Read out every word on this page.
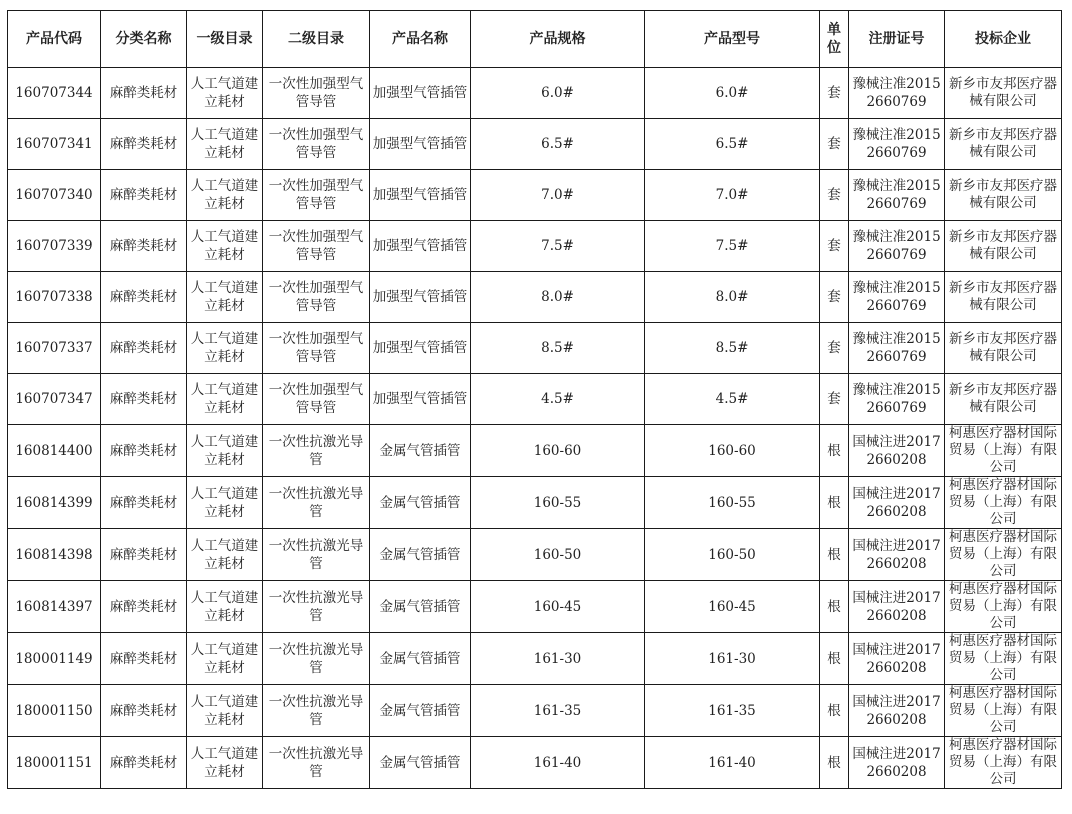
产品代码	分类名称	一级目录	二级目录	产品名称	产品规格	产品型号	单位	注册证号	投标企业
160707344	麻醉类耗材	人工气道建立耗材	一次性加强型气管导管	加强型气管插管	6.0#	6.0#	套	豫械注准20152660769	新乡市友邦医疗器械有限公司
160707341	麻醉类耗材	人工气道建立耗材	一次性加强型气管导管	加强型气管插管	6.5#	6.5#	套	豫械注准20152660769	新乡市友邦医疗器械有限公司
160707340	麻醉类耗材	人工气道建立耗材	一次性加强型气管导管	加强型气管插管	7.0#	7.0#	套	豫械注准20152660769	新乡市友邦医疗器械有限公司
160707339	麻醉类耗材	人工气道建立耗材	一次性加强型气管导管	加强型气管插管	7.5#	7.5#	套	豫械注准20152660769	新乡市友邦医疗器械有限公司
160707338	麻醉类耗材	人工气道建立耗材	一次性加强型气管导管	加强型气管插管	8.0#	8.0#	套	豫械注准20152660769	新乡市友邦医疗器械有限公司
160707337	麻醉类耗材	人工气道建立耗材	一次性加强型气管导管	加强型气管插管	8.5#	8.5#	套	豫械注准20152660769	新乡市友邦医疗器械有限公司
160707347	麻醉类耗材	人工气道建立耗材	一次性加强型气管导管	加强型气管插管	4.5#	4.5#	套	豫械注准20152660769	新乡市友邦医疗器械有限公司
160814400	麻醉类耗材	人工气道建立耗材	一次性抗激光导管	金属气管插管	160-60	160-60	根	国械注进20172660208	柯惠医疗器材国际贸易（上海）有限公司
160814399	麻醉类耗材	人工气道建立耗材	一次性抗激光导管	金属气管插管	160-55	160-55	根	国械注进20172660208	柯惠医疗器材国际贸易（上海）有限公司
160814398	麻醉类耗材	人工气道建立耗材	一次性抗激光导管	金属气管插管	160-50	160-50	根	国械注进20172660208	柯惠医疗器材国际贸易（上海）有限公司
160814397	麻醉类耗材	人工气道建立耗材	一次性抗激光导管	金属气管插管	160-45	160-45	根	国械注进20172660208	柯惠医疗器材国际贸易（上海）有限公司
180001149	麻醉类耗材	人工气道建立耗材	一次性抗激光导管	金属气管插管	161-30	161-30	根	国械注进20172660208	柯惠医疗器材国际贸易（上海）有限公司
180001150	麻醉类耗材	人工气道建立耗材	一次性抗激光导管	金属气管插管	161-35	161-35	根	国械注进20172660208	柯惠医疗器材国际贸易（上海）有限公司
180001151	麻醉类耗材	人工气道建立耗材	一次性抗激光导管	金属气管插管	161-40	161-40	根	国械注进20172660208	柯惠医疗器材国际贸易（上海）有限公司
